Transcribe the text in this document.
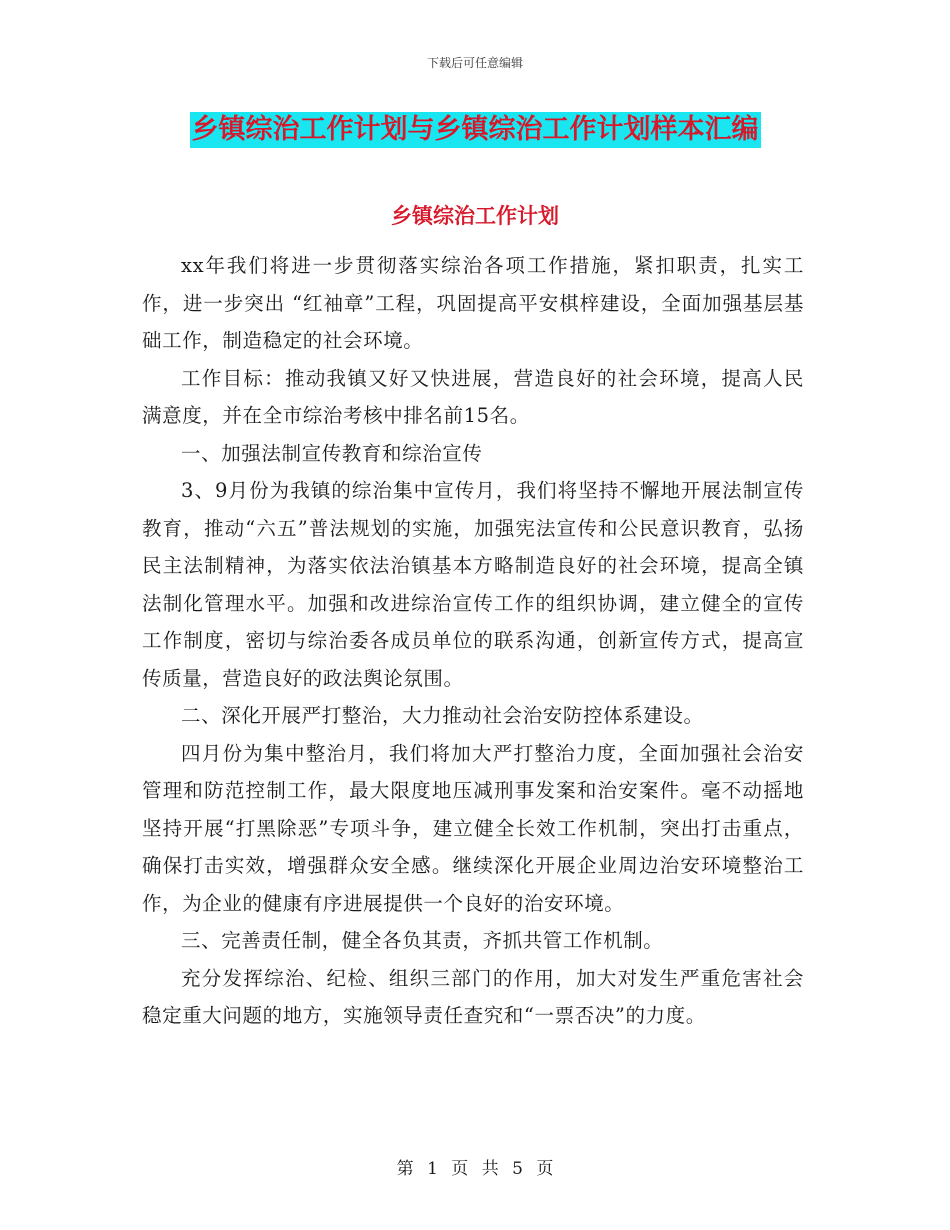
下载后可任意编辑
乡镇综治工作计划与乡镇综治工作计划样本汇编
乡镇综治工作计划

xx年我们将进一步贯彻落实综治各项工作措施，紧扣职责，扎实工作，进一步突出 “红袖章”工程，巩固提高平安棋梓建设，全面加强基层基础工作，制造稳定的社会环境。

工作目标：推动我镇又好又快进展，营造良好的社会环境，提高人民满意度，并在全市综治考核中排名前15名。

一、加强法制宣传教育和综治宣传

3、9月份为我镇的综治集中宣传月，我们将坚持不懈地开展法制宣传教育，推动“六五”普法规划的实施，加强宪法宣传和公民意识教育，弘扬民主法制精神，为落实依法治镇基本方略制造良好的社会环境，提高全镇法制化管理水平。加强和改进综治宣传工作的组织协调，建立健全的宣传工作制度，密切与综治委各成员单位的联系沟通，创新宣传方式，提高宣传质量，营造良好的政法舆论氛围。

二、深化开展严打整治，大力推动社会治安防控体系建设。

四月份为集中整治月，我们将加大严打整治力度，全面加强社会治安管理和防范控制工作，最大限度地压减刑事发案和治安案件。毫不动摇地坚持开展“打黑除恶”专项斗争，建立健全长效工作机制，突出打击重点，确保打击实效，增强群众安全感。继续深化开展企业周边治安环境整治工作，为企业的健康有序进展提供一个良好的治安环境。

三、完善责任制，健全各负其责，齐抓共管工作机制。

充分发挥综治、纪检、组织三部门的作用，加大对发生严重危害社会稳定重大问题的地方，实施领导责任查究和“一票否决”的力度。

第 1 页 共 5 页
